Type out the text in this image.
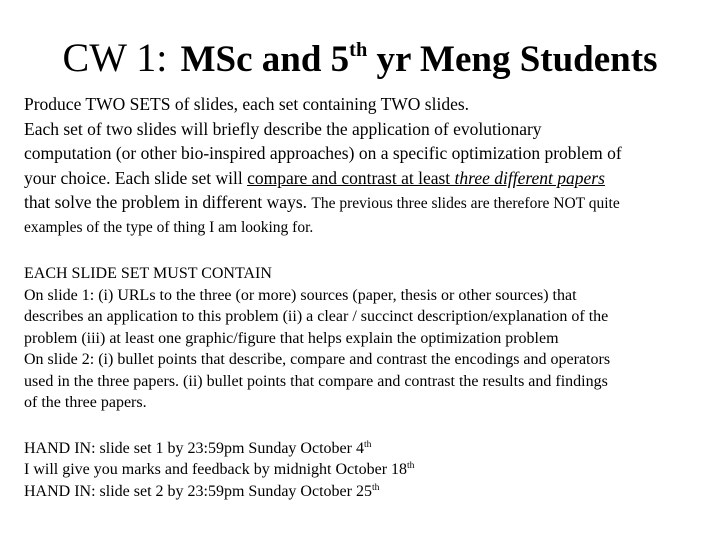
CW 1: MSc and 5th yr Meng Students

Produce TWO SETS of slides, each set containing TWO slides.

Each set of two slides will briefly describe the application of evolutionary

computation (or other bio-inspired approaches) on a specific optimization problem of

your choice. Each slide set will compare and contrast at least three different papers

that solve the problem in different ways. The previous three slides are therefore NOT quite

examples of the type of thing I am looking for.

EACH SLIDE SET MUST CONTAIN

On slide 1: (i) URLs to the three (or more) sources (paper, thesis or other sources) that

describes an application to this problem (ii) a clear / succinct description/explanation of the

problem (iii) at least one graphic/figure that helps explain the optimization problem

On slide 2: (i) bullet points that describe, compare and contrast the encodings and operators

used in the three papers. (ii) bullet points that compare and contrast the results and findings

of the three papers.

HAND IN: slide set 1 by 23:59pm Sunday October 4th

I will give you marks and feedback by midnight October 18th

HAND IN: slide set 2 by 23:59pm Sunday October 25th
